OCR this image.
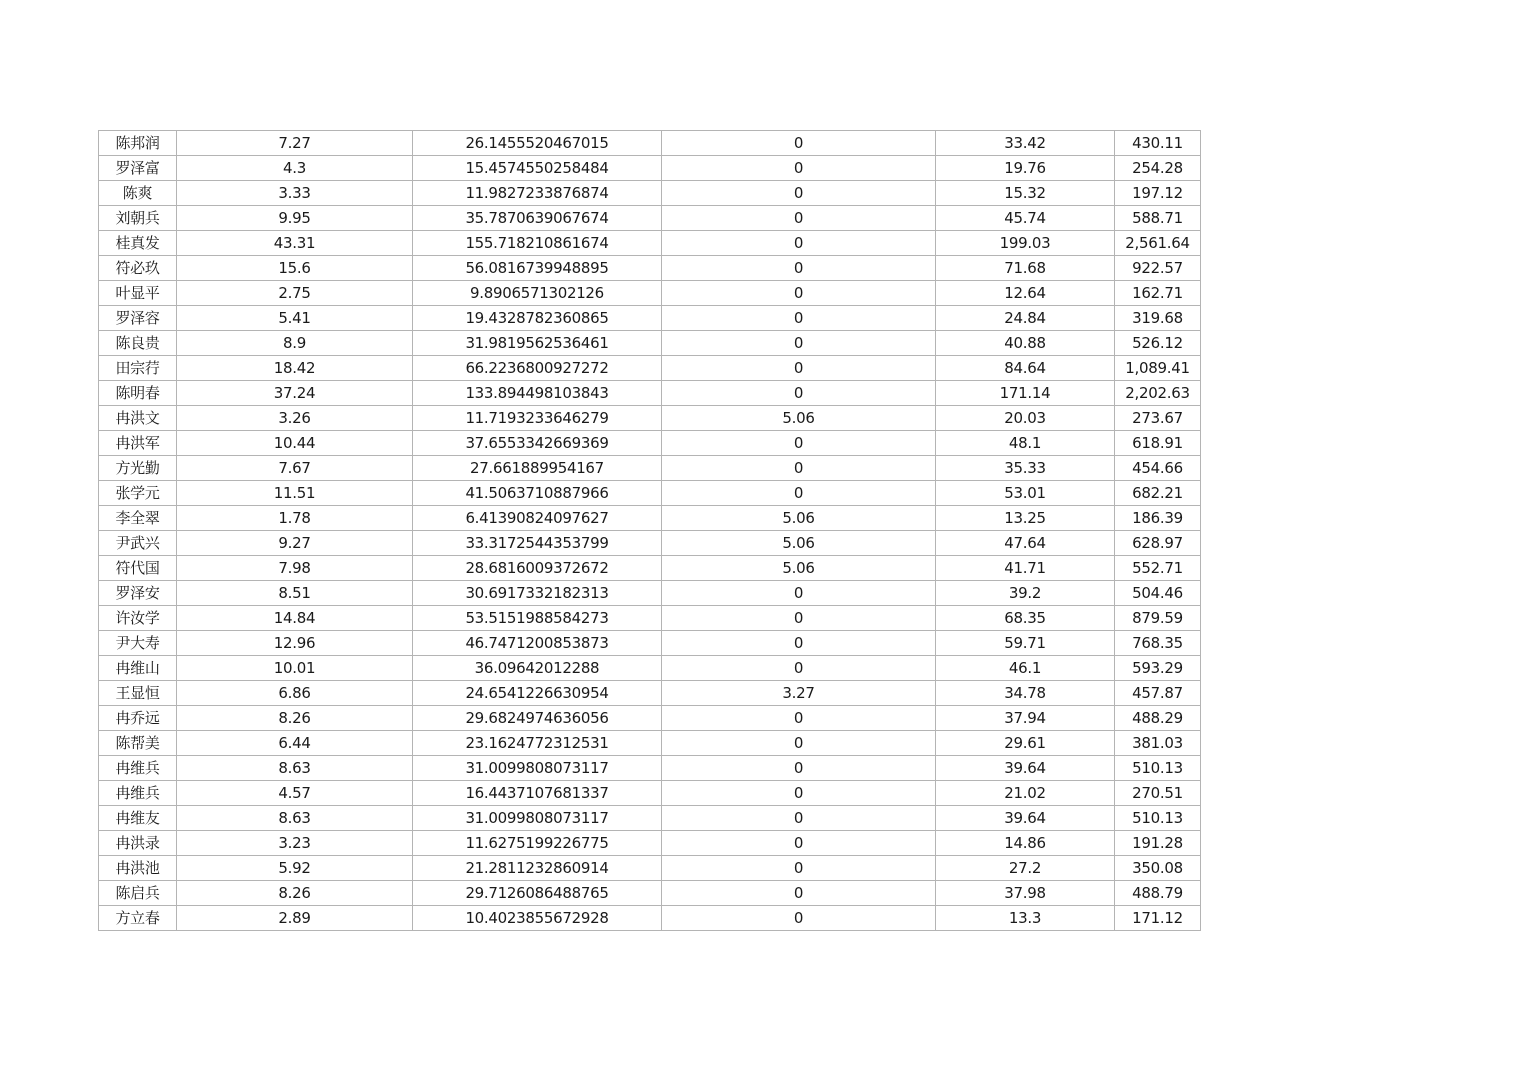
陈邦润	7.27	26.1455520467015	0	33.42	430.11
罗泽富	4.3	15.4574550258484	0	19.76	254.28
陈爽	3.33	11.9827233876874	0	15.32	197.12
刘朝兵	9.95	35.7870639067674	0	45.74	588.71
桂真发	43.31	155.718210861674	0	199.03	2,561.64
符必玖	15.6	56.0816739948895	0	71.68	922.57
叶显平	2.75	9.8906571302126	0	12.64	162.71
罗泽容	5.41	19.4328782360865	0	24.84	319.68
陈良贵	8.9	31.9819562536461	0	40.88	526.12
田宗荇	18.42	66.2236800927272	0	84.64	1,089.41
陈明春	37.24	133.894498103843	0	171.14	2,202.63
冉洪文	3.26	11.7193233646279	5.06	20.03	273.67
冉洪军	10.44	37.6553342669369	0	48.1	618.91
方光勤	7.67	27.661889954167	0	35.33	454.66
张学元	11.51	41.5063710887966	0	53.01	682.21
李全翠	1.78	6.41390824097627	5.06	13.25	186.39
尹武兴	9.27	33.3172544353799	5.06	47.64	628.97
符代国	7.98	28.6816009372672	5.06	41.71	552.71
罗泽安	8.51	30.6917332182313	0	39.2	504.46
许汝学	14.84	53.5151988584273	0	68.35	879.59
尹大寿	12.96	46.7471200853873	0	59.71	768.35
冉维山	10.01	36.09642012288	0	46.1	593.29
王显恒	6.86	24.6541226630954	3.27	34.78	457.87
冉乔远	8.26	29.6824974636056	0	37.94	488.29
陈帮美	6.44	23.1624772312531	0	29.61	381.03
冉维兵	8.63	31.0099808073117	0	39.64	510.13
冉维兵	4.57	16.4437107681337	0	21.02	270.51
冉维友	8.63	31.0099808073117	0	39.64	510.13
冉洪录	3.23	11.6275199226775	0	14.86	191.28
冉洪池	5.92	21.2811232860914	0	27.2	350.08
陈启兵	8.26	29.7126086488765	0	37.98	488.79
方立春	2.89	10.4023855672928	0	13.3	171.12
